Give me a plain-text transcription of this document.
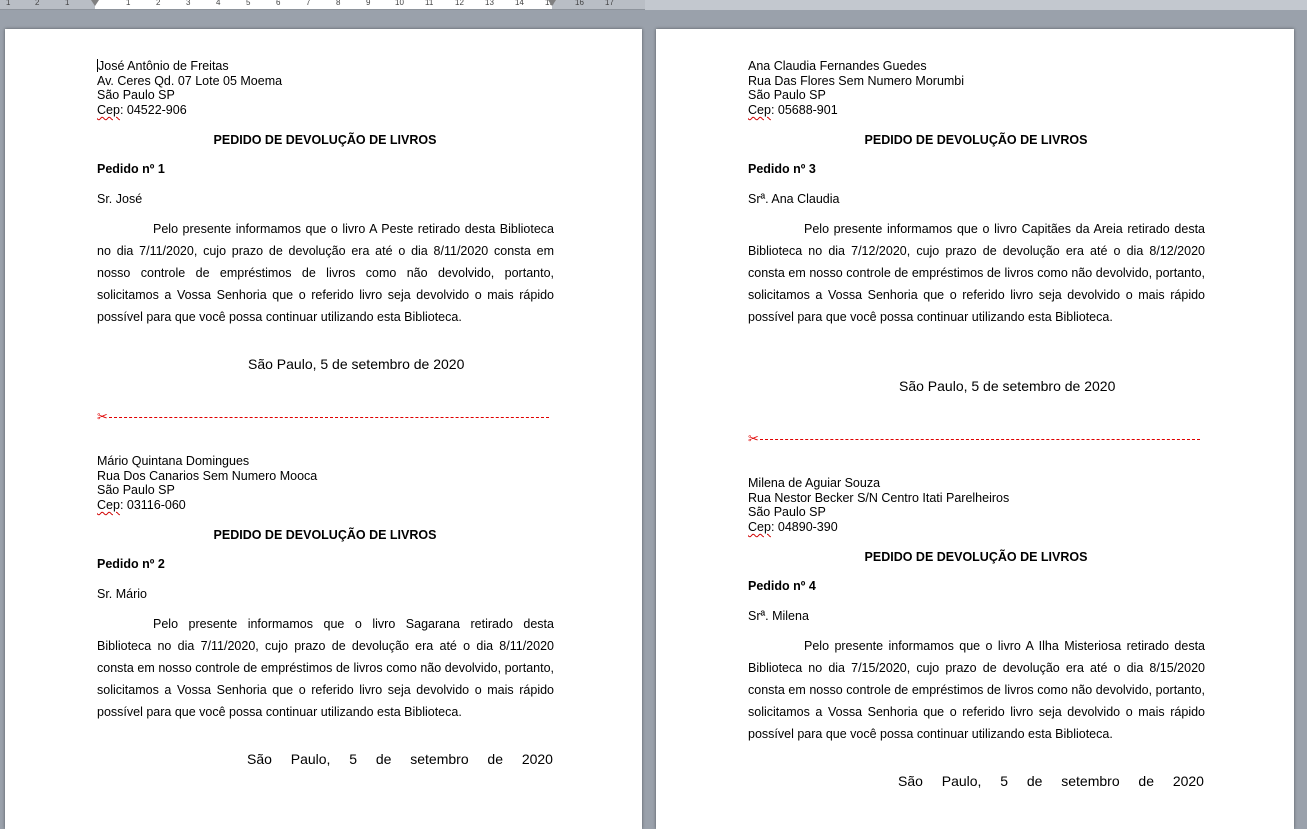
1	2	1	1	2	3	4	5	6	7	8	9	10	11	12	13	14	15	16	17
José Antônio de Freitas
Av. Ceres Qd. 07 Lote 05 Moema
São Paulo SP
Cep: 04522-906
PEDIDO DE DEVOLUÇÃO DE LIVROS
Pedido nº 1
Sr. José
Pelo presente informamos que o livro A Peste retirado desta Biblioteca no dia 7/11/2020, cujo prazo de devolução era até o dia 8/11/2020 consta em nosso controle de empréstimos de livros como não devolvido, portanto, solicitamos a Vossa Senhoria que o referido livro seja devolvido o mais rápido possível para que você possa continuar utilizando esta Biblioteca.
São Paulo, 5 de setembro de 2020
✂
Mário Quintana Domingues
Rua Dos Canarios Sem Numero Mooca
São Paulo SP
Cep: 03116-060
PEDIDO DE DEVOLUÇÃO DE LIVROS
Pedido nº 2
Sr. Mário
Pelo presente informamos que o livro Sagarana retirado desta Biblioteca no dia 7/11/2020, cujo prazo de devolução era até o dia 8/11/2020 consta em nosso controle de empréstimos de livros como não devolvido, portanto, solicitamos a Vossa Senhoria que o referido livro seja devolvido o mais rápido possível para que você possa continuar utilizando esta Biblioteca.
São Paulo, 5 de setembro de 2020
Ana Claudia Fernandes Guedes
Rua Das Flores Sem Numero Morumbi
São Paulo SP
Cep: 05688-901
PEDIDO DE DEVOLUÇÃO DE LIVROS
Pedido nº 3
Srª. Ana Claudia
Pelo presente informamos que o livro Capitães da Areia retirado desta Biblioteca no dia 7/12/2020, cujo prazo de devolução era até o dia 8/12/2020 consta em nosso controle de empréstimos de livros como não devolvido, portanto, solicitamos a Vossa Senhoria que o referido livro seja devolvido o mais rápido possível para que você possa continuar utilizando esta Biblioteca.
São Paulo, 5 de setembro de 2020
✂
Milena de Aguiar Souza
Rua Nestor Becker S/N Centro Itati Parelheiros
São Paulo SP
Cep: 04890-390
PEDIDO DE DEVOLUÇÃO DE LIVROS
Pedido nº 4
Srª. Milena
Pelo presente informamos que o livro A Ilha Misteriosa retirado desta Biblioteca no dia 7/15/2020, cujo prazo de devolução era até o dia 8/15/2020 consta em nosso controle de empréstimos de livros como não devolvido, portanto, solicitamos a Vossa Senhoria que o referido livro seja devolvido o mais rápido possível para que você possa continuar utilizando esta Biblioteca.
São Paulo, 5 de setembro de 2020
